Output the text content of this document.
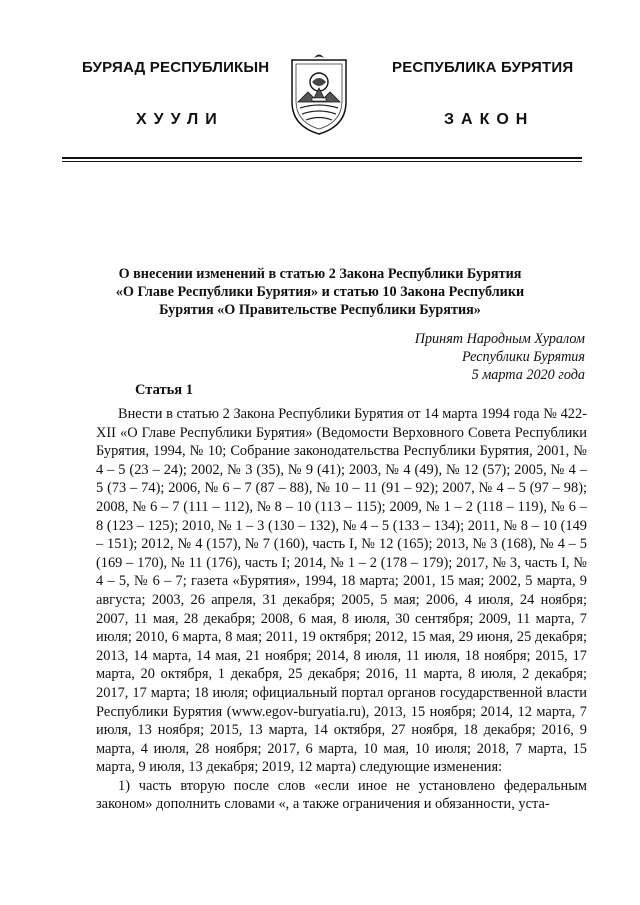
БУРЯАД РЕСПУБЛИКЫН
ХУУЛИ
РЕСПУБЛИКА БУРЯТИЯ
ЗАКОН
О внесении изменений в статью 2 Закона Республики Бурятия
«О Главе Республики Бурятия» и статью 10 Закона Республики
Бурятия «О Правительстве Республики Бурятия»
Принят Народным Хуралом
Республики Бурятия
5 марта 2020 года
Статья 1

Внести в статью 2 Закона Республики Бурятия от 14 марта 1994 года № 422-XII «О Главе Республики Бурятия» (Ведомости Верховного Совета Республики Бурятия, 1994, № 10; Собрание законодательства Республики Бурятия, 2001, № 4 – 5 (23 – 24); 2002, № 3 (35), № 9 (41); 2003, № 4 (49), № 12 (57); 2005, № 4 – 5 (73 – 74); 2006, № 6 – 7 (87 – 88), № 10 – 11 (91 – 92); 2007, № 4 – 5 (97 – 98); 2008, № 6 – 7 (111 – 112), № 8 – 10 (113 – 115); 2009, № 1 – 2 (118 – 119), № 6 – 8 (123 – 125); 2010, № 1 – 3 (130 – 132), № 4 – 5 (133 – 134); 2011, № 8 – 10 (149 – 151); 2012, № 4 (157), № 7 (160), часть I, № 12 (165); 2013, № 3 (168), № 4 – 5 (169 – 170), № 11 (176), часть I; 2014, № 1 – 2 (178 – 179); 2017, № 3, часть I, № 4 – 5, № 6 – 7; газета «Бурятия», 1994, 18 марта; 2001, 15 мая; 2002, 5 марта, 9 августа; 2003, 26 апреля, 31 декабря; 2005, 5 мая; 2006, 4 июля, 24 ноября; 2007, 11 мая, 28 декабря; 2008, 6 мая, 8 июля, 30 сентября; 2009, 11 марта, 7 июля; 2010, 6 марта, 8 мая; 2011, 19 октября; 2012, 15 мая, 29 июня, 25 декабря; 2013, 14 марта, 14 мая, 21 ноября; 2014, 8 июля, 11 июля, 18 ноября; 2015, 17 марта, 20 октября, 1 декабря, 25 декабря; 2016, 11 марта, 8 июля, 2 декабря; 2017, 17 марта; 18 июля; официальный портал органов государственной власти Республики Бурятия (www.egov-buryatia.ru), 2013, 15 ноября; 2014, 12 марта, 7 июля, 13 ноября; 2015, 13 марта, 14 октября, 27 ноября, 18 декабря; 2016, 9 марта, 4 июля, 28 ноября; 2017, 6 марта, 10 мая, 10 июля; 2018, 7 марта, 15 марта, 9 июля, 13 декабря; 2019, 12 марта) следующие изменения:

1) часть вторую после слов «если иное не установлено федеральным законом» дополнить словами «, а также ограничения и обязанности, уста-
